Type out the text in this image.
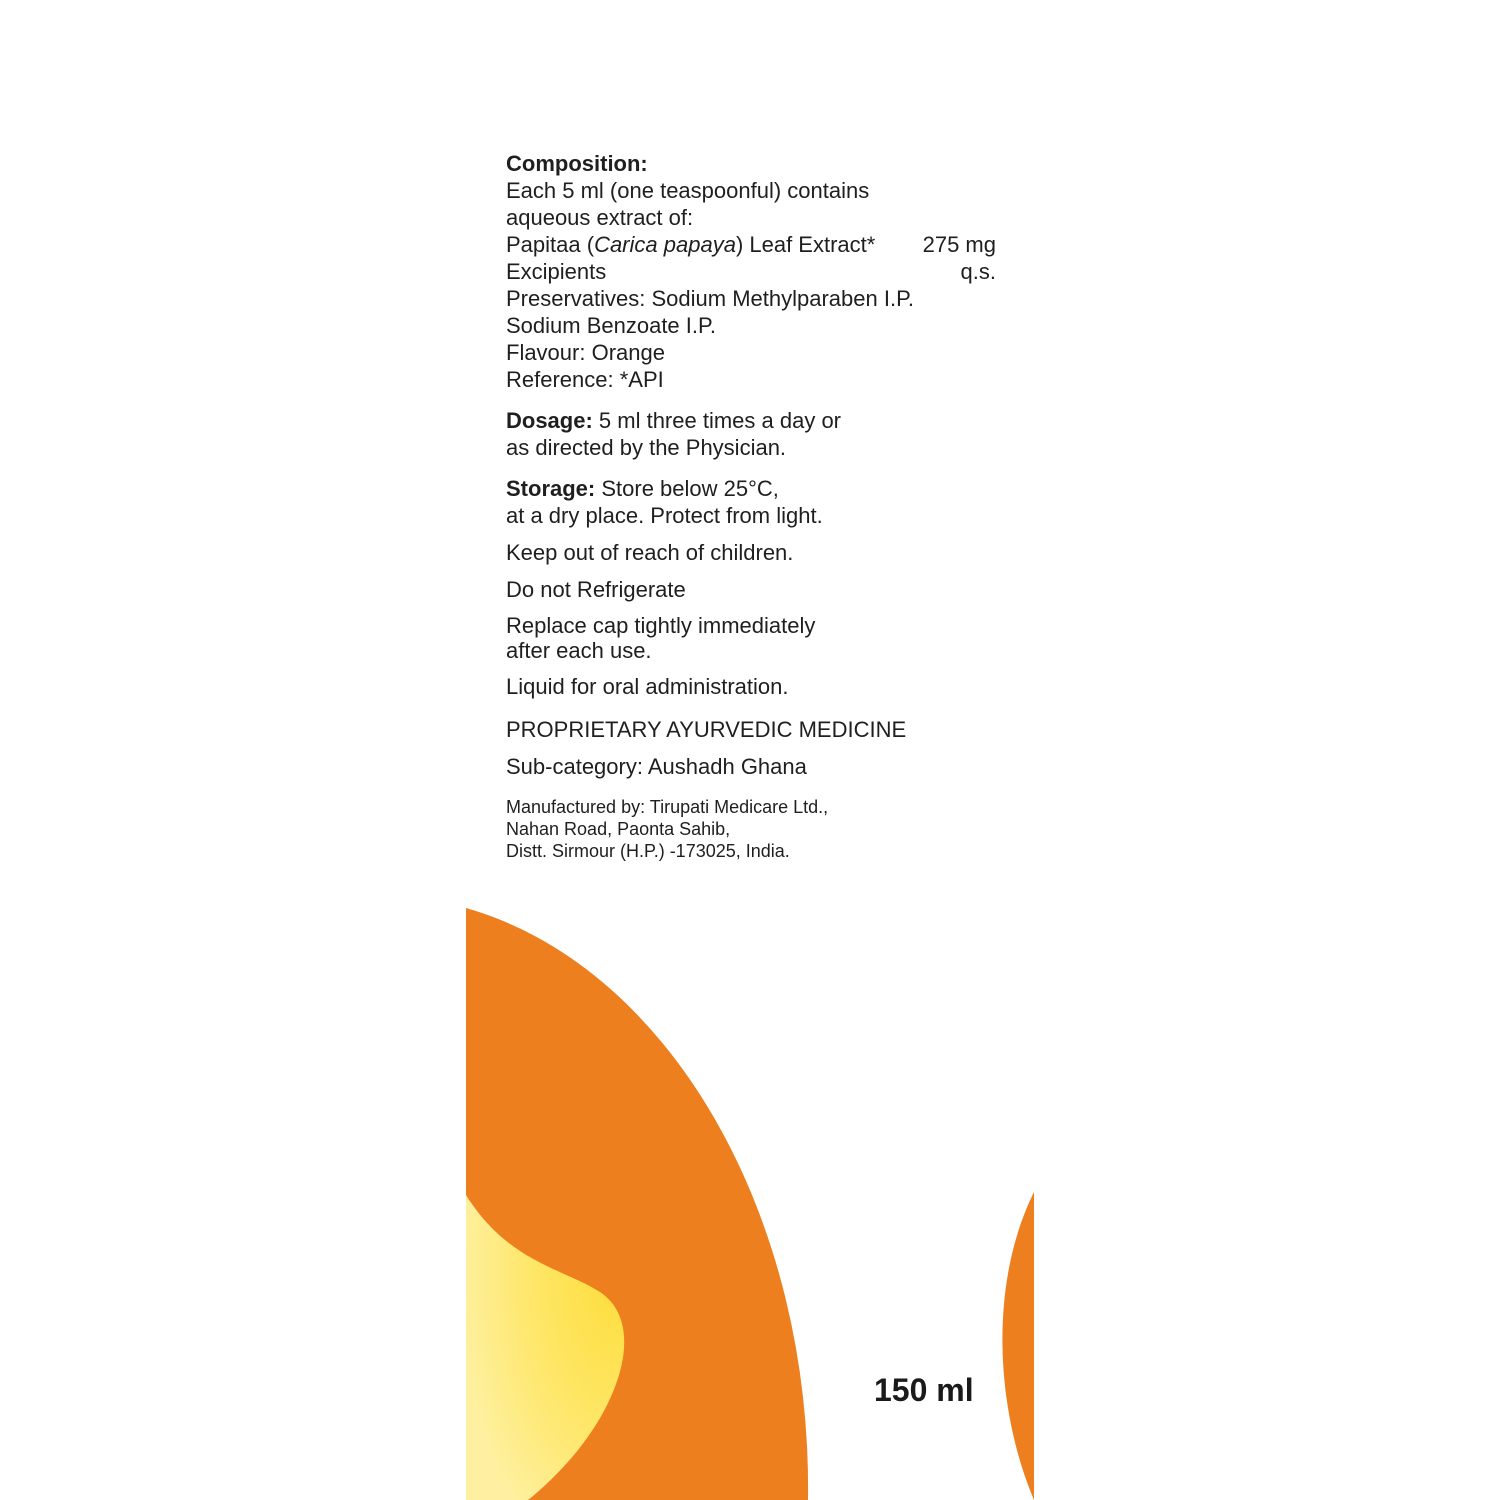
Composition:
Each 5 ml (one teaspoonful) contains
aqueous extract of:
Papitaa (Carica papaya) Leaf Extract* 275 mg
Excipients	q.s.
Preservatives: Sodium Methylparaben I.P.
Sodium Benzoate I.P.
Flavour: Orange
Reference: *API
Dosage: 5 ml three times a day or
as directed by the Physician.
Storage: Store below 25°C,
at a dry place. Protect from light.
Keep out of reach of children.
Do not Refrigerate
Replace cap tightly immediately
after each use.
Liquid for oral administration.
PROPRIETARY AYURVEDIC MEDICINE
Sub-category: Aushadh Ghana
Manufactured by: Tirupati Medicare Ltd.,
Nahan Road, Paonta Sahib,
Distt. Sirmour (H.P.) -173025, India.
150 ml
